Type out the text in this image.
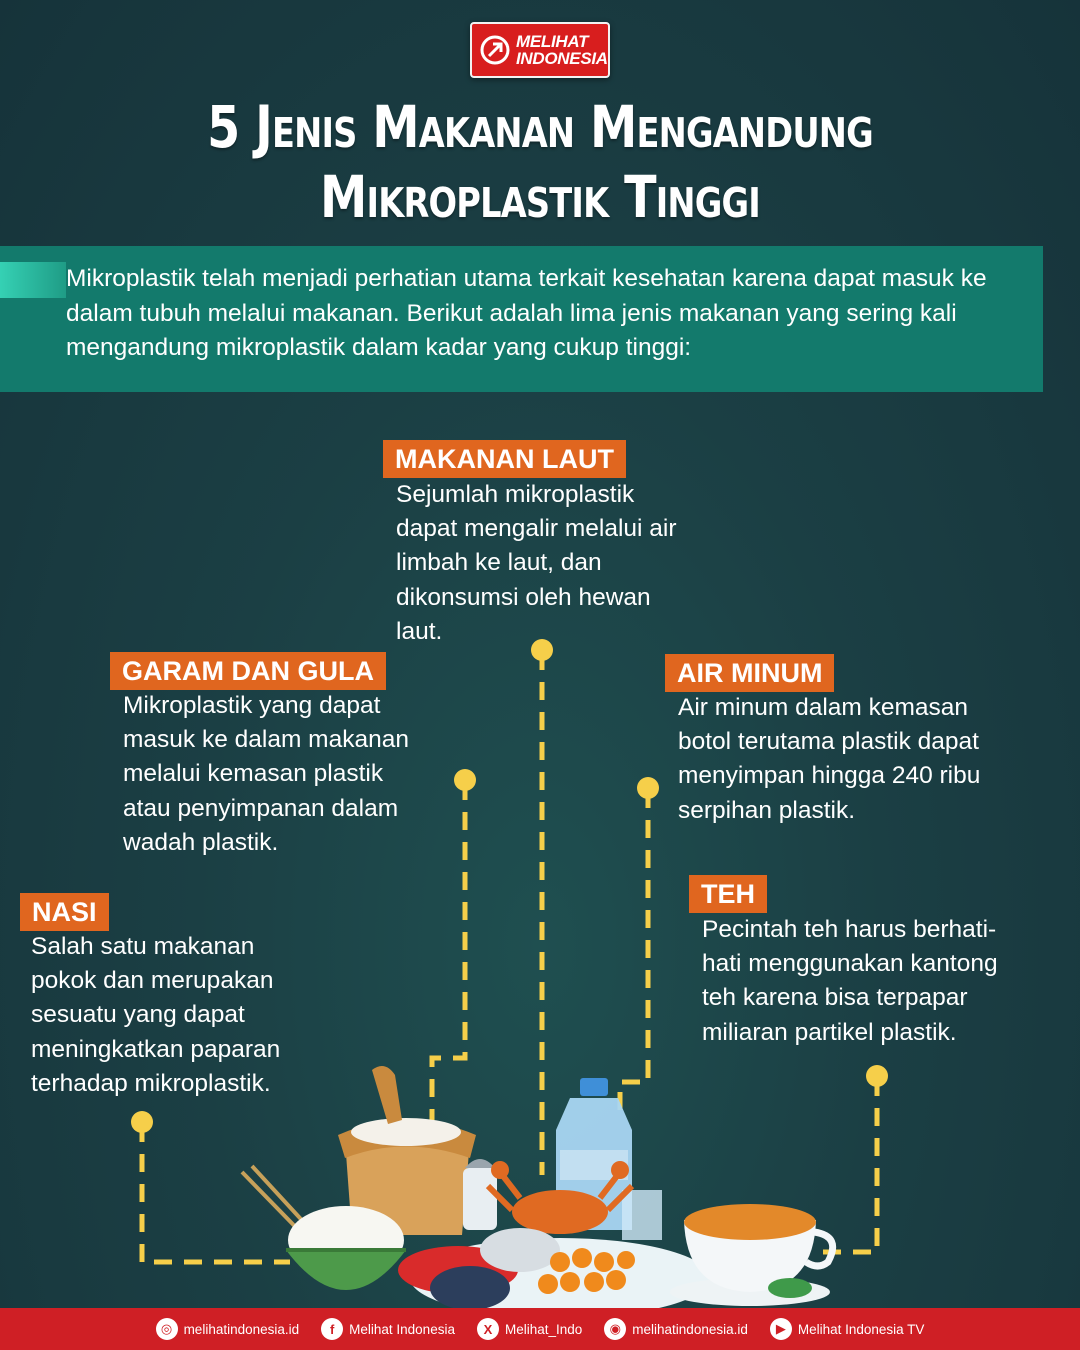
MELIHAT
INDONESIA
5 Jenis Makanan Mengandung
Mikroplastik Tinggi
Mikroplastik telah menjadi perhatian utama terkait kesehatan karena dapat masuk ke dalam tubuh melalui makanan. Berikut adalah lima jenis makanan yang sering kali mengandung mikroplastik dalam kadar yang cukup tinggi:
MAKANAN LAUT
Sejumlah mikroplastik
dapat mengalir melalui air
limbah ke laut, dan
dikonsumsi oleh hewan
laut.
GARAM DAN GULA
Mikroplastik yang dapat
masuk ke dalam makanan
melalui kemasan plastik
atau penyimpanan dalam
wadah plastik.
AIR MINUM
Air minum dalam kemasan
botol terutama plastik dapat
menyimpan hingga 240 ribu
serpihan plastik.
NASI
Salah satu makanan
pokok dan merupakan
sesuatu yang dapat
meningkatkan paparan
terhadap mikroplastik.
TEH
Pecintah teh harus berhati-
hati menggunakan kantong
teh karena bisa terpapar
miliaran partikel plastik.
◎ melihatindonesia.id	f	Melihat Indonesia	X Melihat_Indo	◉ melihatindonesia.id	▶ Melihat Indonesia TV
